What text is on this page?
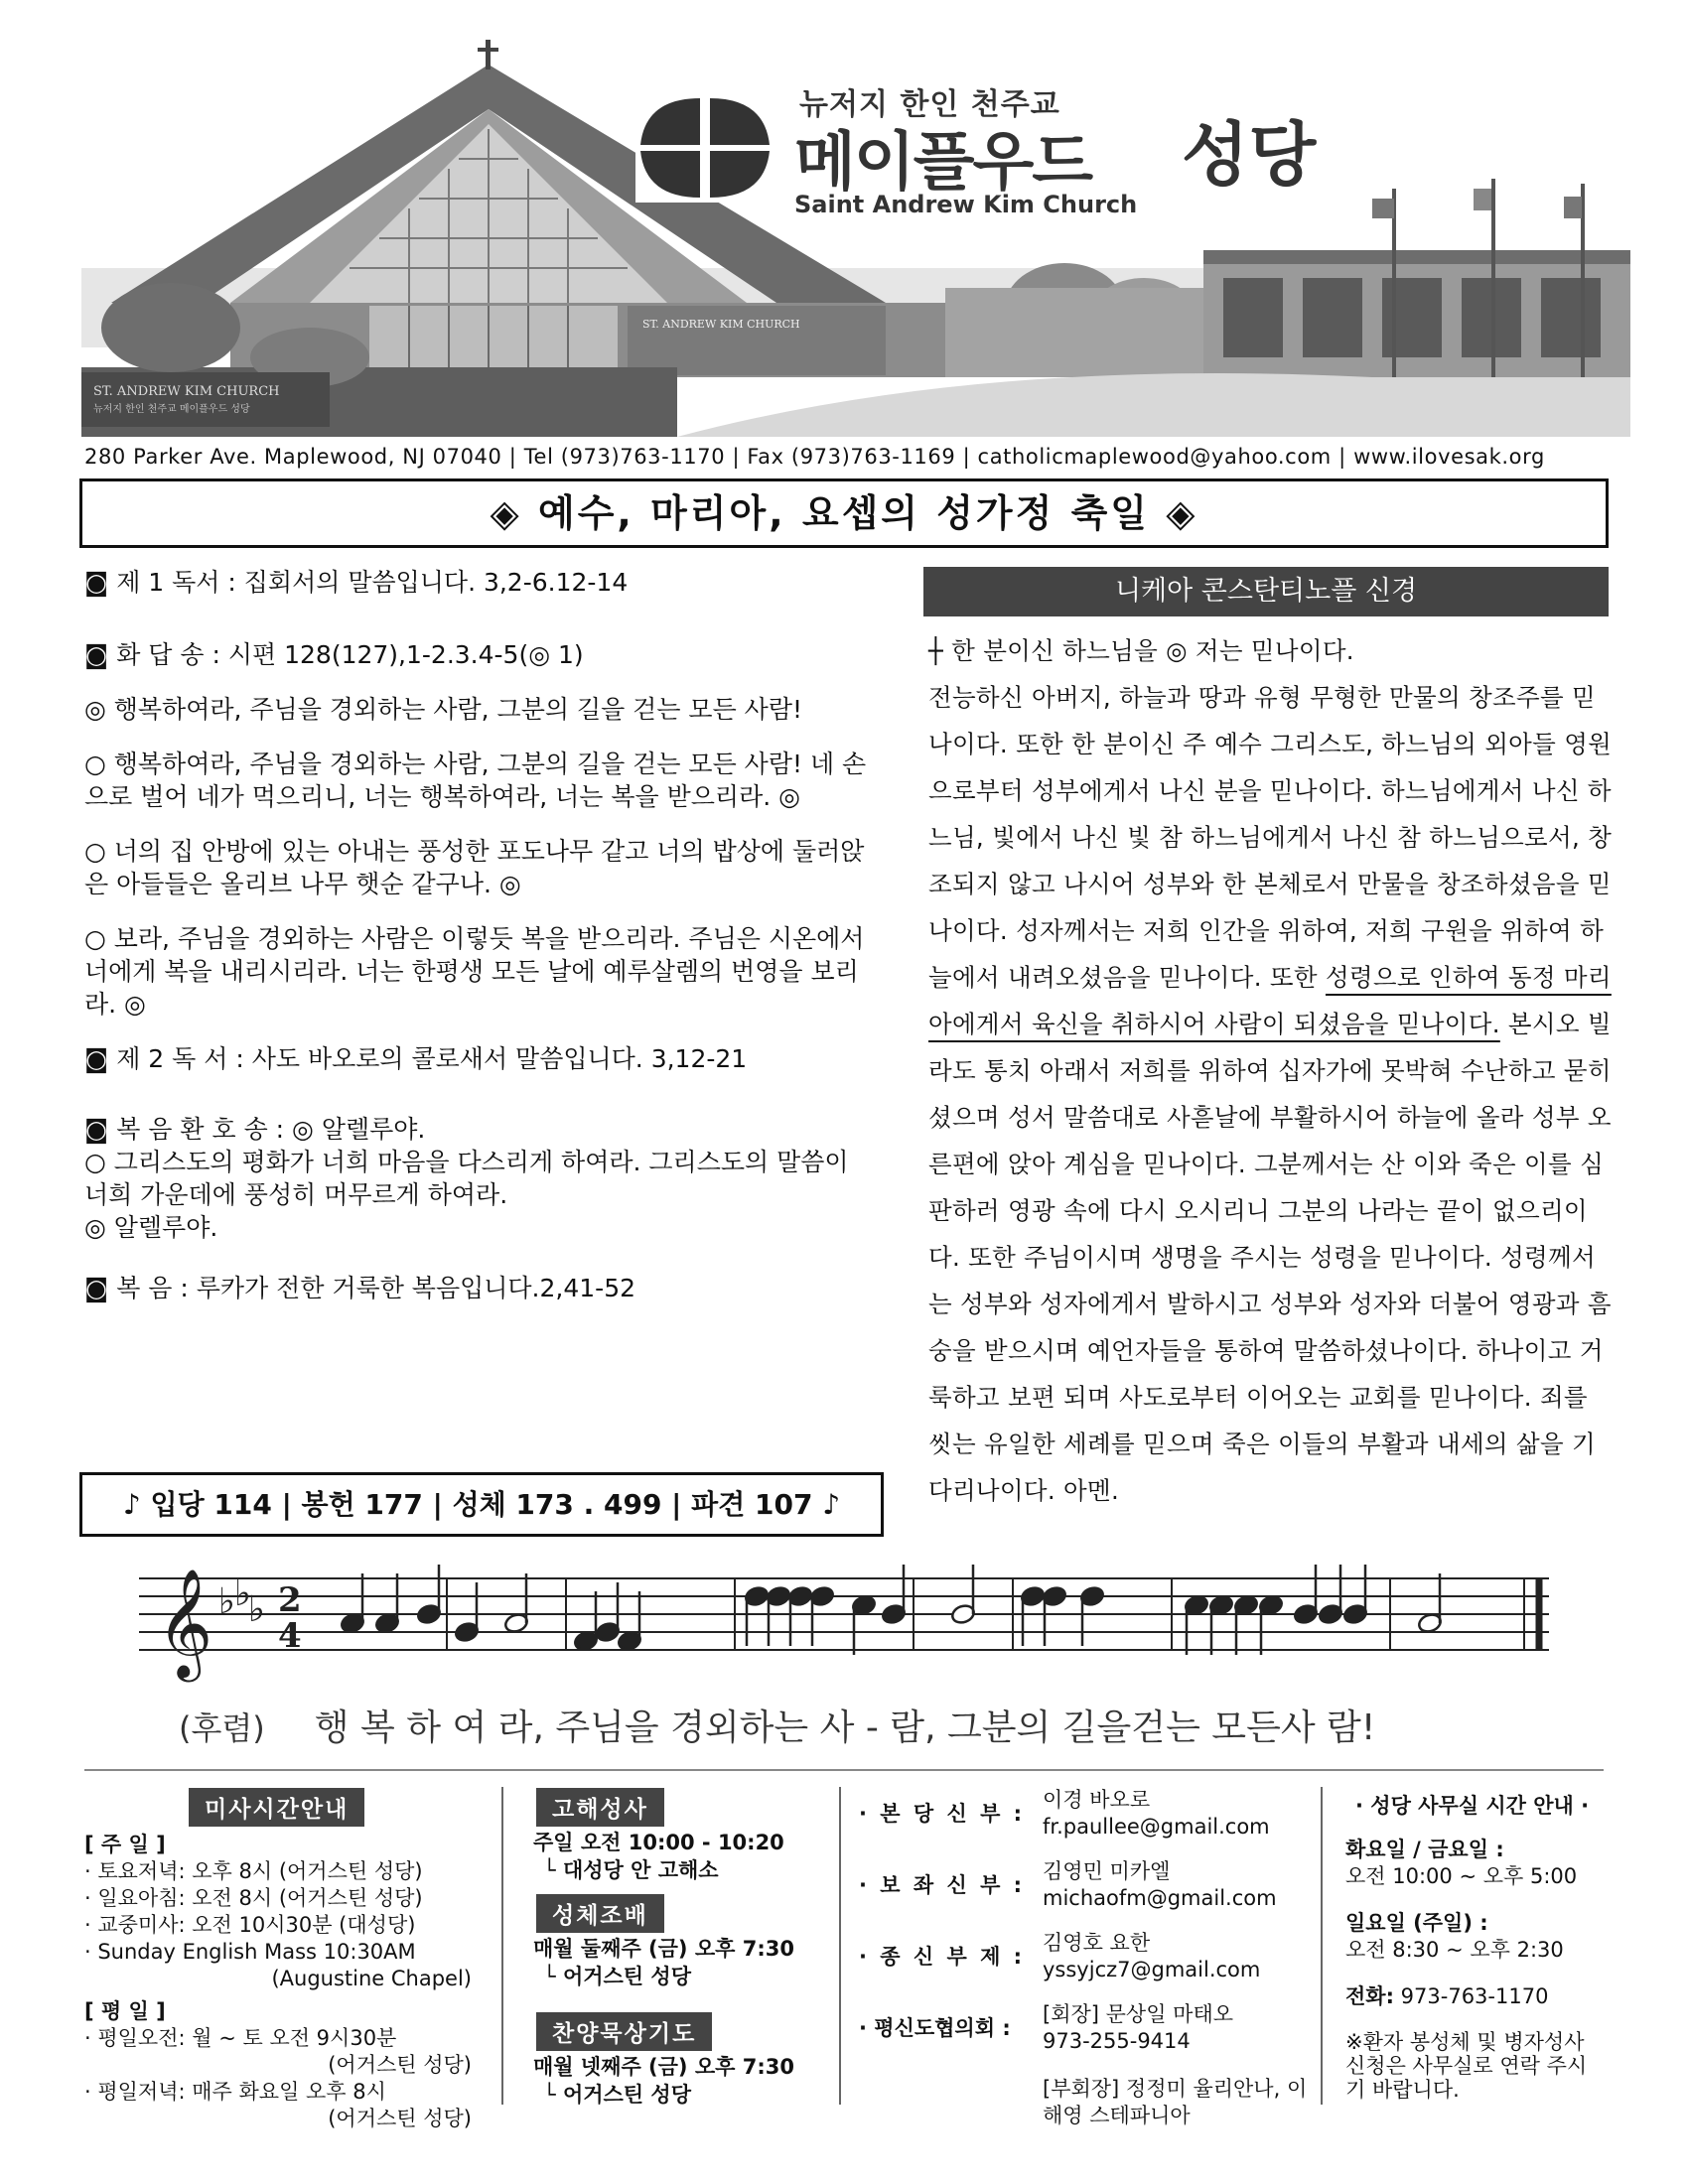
ST. ANDREW KIM CHURCH
ST. ANDREW KIM CHURCH
뉴저지 한인 천주교 메이플우드 성당
뉴저지 한인 천주교
메이플우드 성당
Saint Andrew Kim Church
280 Parker Ave. Maplewood, NJ 07040 | Tel (973)763-1170 | Fax (973)763-1169 | catholicmaplewood@yahoo.com | www.ilovesak.org
◈ 예수, 마리아, 요셉의 성가정 축일 ◈

◙ 제 1 독서 : 집회서의 말씀입니다. 3,2-6.12-14

◙ 화 답 송 : 시편 128(127),1-2.3.4-5(◎ 1)

◎ 행복하여라, 주님을 경외하는 사람, 그분의 길을 걷는 모든 사람!

○ 행복하여라, 주님을 경외하는 사람, 그분의 길을 걷는 모든 사람! 네 손으로 벌어 네가 먹으리니, 너는 행복하여라, 너는 복을 받으리라. ◎

○ 너의 집 안방에 있는 아내는 풍성한 포도나무 같고 너의 밥상에 둘러앉은 아들들은 올리브 나무 햇순 같구나. ◎

○ 보라, 주님을 경외하는 사람은 이렇듯 복을 받으리라. 주님은 시온에서 너에게 복을 내리시리라. 너는 한평생 모든 날에 예루살렘의 번영을 보리라. ◎

◙ 제 2 독 서 : 사도 바오로의 콜로새서 말씀입니다. 3,12-21

◙ 복 음 환 호 송 : ◎ 알렐루야.

○ 그리스도의 평화가 너희 마음을 다스리게 하여라. 그리스도의 말씀이 너희 가운데에 풍성히 머무르게 하여라.

◎ 알렐루야.

◙ 복 음 : 루카가 전한 거룩한 복음입니다.2,41-52

니케아 콘스탄티노플 신경
┼ 한 분이신 하느님을 ◎ 저는 믿나이다.
전능하신 아버지, 하늘과 땅과 유형 무형한 만물의 창조주를 믿나이다. 또한 한 분이신 주 예수 그리스도, 하느님의 외아들 영원으로부터 성부에게서 나신 분을 믿나이다. 하느님에게서 나신 하느님, 빛에서 나신 빛 참 하느님에게서 나신 참 하느님으로서, 창조되지 않고 나시어 성부와 한 본체로서 만물을 창조하셨음을 믿나이다. 성자께서는 저희 인간을 위하여, 저희 구원을 위하여 하늘에서 내려오셨음을 믿나이다. 또한 성령으로 인하여 동정 마리아에게서 육신을 취하시어 사람이 되셨음을 믿나이다. 본시오 빌라도 통치 아래서 저희를 위하여 십자가에 못박혀 수난하고 묻히셨으며 성서 말씀대로 사흗날에 부활하시어 하늘에 올라 성부 오른편에 앉아 계심을 믿나이다. 그분께서는 산 이와 죽은 이를 심판하러 영광 속에 다시 오시리니 그분의 나라는 끝이 없으리이다. 또한 주님이시며 생명을 주시는 성령을 믿나이다. 성령께서는 성부와 성자에게서 발하시고 성부와 성자와 더불어 영광과 흠숭을 받으시며 예언자들을 통하여 말씀하셨나이다. 하나이고 거룩하고 보편 되며 사도로부터 이어오는 교회를 믿나이다. 죄를 씻는 유일한 세례를 믿으며 죽은 이들의 부활과 내세의 삶을 기다리나이다. 아멘.
♪ 입당 114 | 봉헌 177 | 성체 173 . 499 | 파견 107 ♪
𝄞 ♭ ♭
♭ 2
4
(후렴) 행 복 하 여 라, 주님을 경외하는 사 - 람, 그분의 길을걷는 모든사 람!
미사시간안내
[ 주 일 ]
· 토요저녁: 오후 8시 (어거스틴 성당)
· 일요아침: 오전 8시 (어거스틴 성당)
· 교중미사: 오전 10시30분 (대성당)
· Sunday English Mass 10:30AM
(Augustine Chapel)
[ 평 일 ]
· 평일오전: 월 ~ 토 오전 9시30분
(어거스틴 성당)
· 평일저녁: 매주 화요일 오후 8시
(어거스틴 성당)
고해성사
주일 오전 10:00 - 10:20
└ 대성당 안 고해소
성체조배
매월 둘째주 (금) 오후 7:30
└ 어거스틴 성당
찬양묵상기도
매월 넷째주 (금) 오후 7:30
└ 어거스틴 성당
· 본 당 신 부 :
이경 바오로
fr.paullee@gmail.com
· 보 좌 신 부 :
김영민 미카엘
michaofm@gmail.com
· 종 신 부 제 :
김영호 요한
yssyjcz7@gmail.com
· 평신도협의회 :
[회장] 문상일 마태오
973-255-9414
[부회장] 정정미 율리안나, 이해영 스테파니아
· 성당 사무실 시간 안내 ·
화요일 / 금요일 :
오전 10:00 ~ 오후 5:00
일요일 (주일) :
오전 8:30 ~ 오후 2:30
전화: 973-763-1170
※환자 봉성체 및 병자성사 신청은 사무실로 연락 주시기 바랍니다.
